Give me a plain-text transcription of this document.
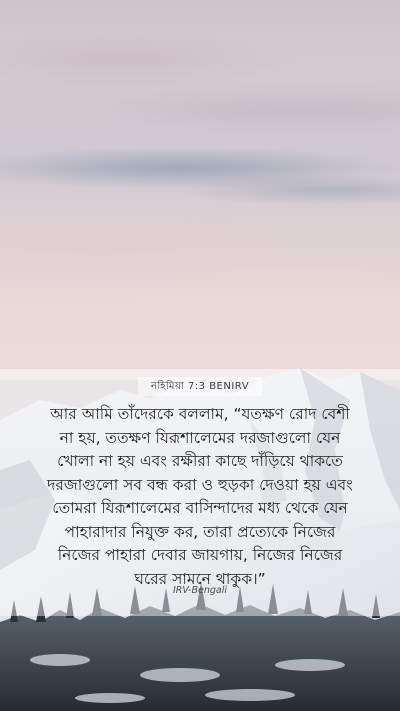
নহিমিয়া 7:3 BENIRV

আর আমি তাঁদেরকে বললাম, “যতক্ষণ রোদ বেশী
না হয়, ততক্ষণ যিরূশালেমের দরজাগুলো যেন
খোলা না হয় এবং রক্ষীরা কাছে দাঁড়িয়ে থাকতে
দরজাগুলো সব বন্ধ করা ও হুড়কা দেওয়া হয় এবং
তোমরা যিরূশালেমের বাসিন্দাদের মধ্য থেকে যেন
পাহারাদার নিযুক্ত কর, তারা প্রত্যেকে নিজের
নিজের পাহারা দেবার জায়গায়, নিজের নিজের
ঘরের সামনে থাকুক।”

IRV-Bengali
